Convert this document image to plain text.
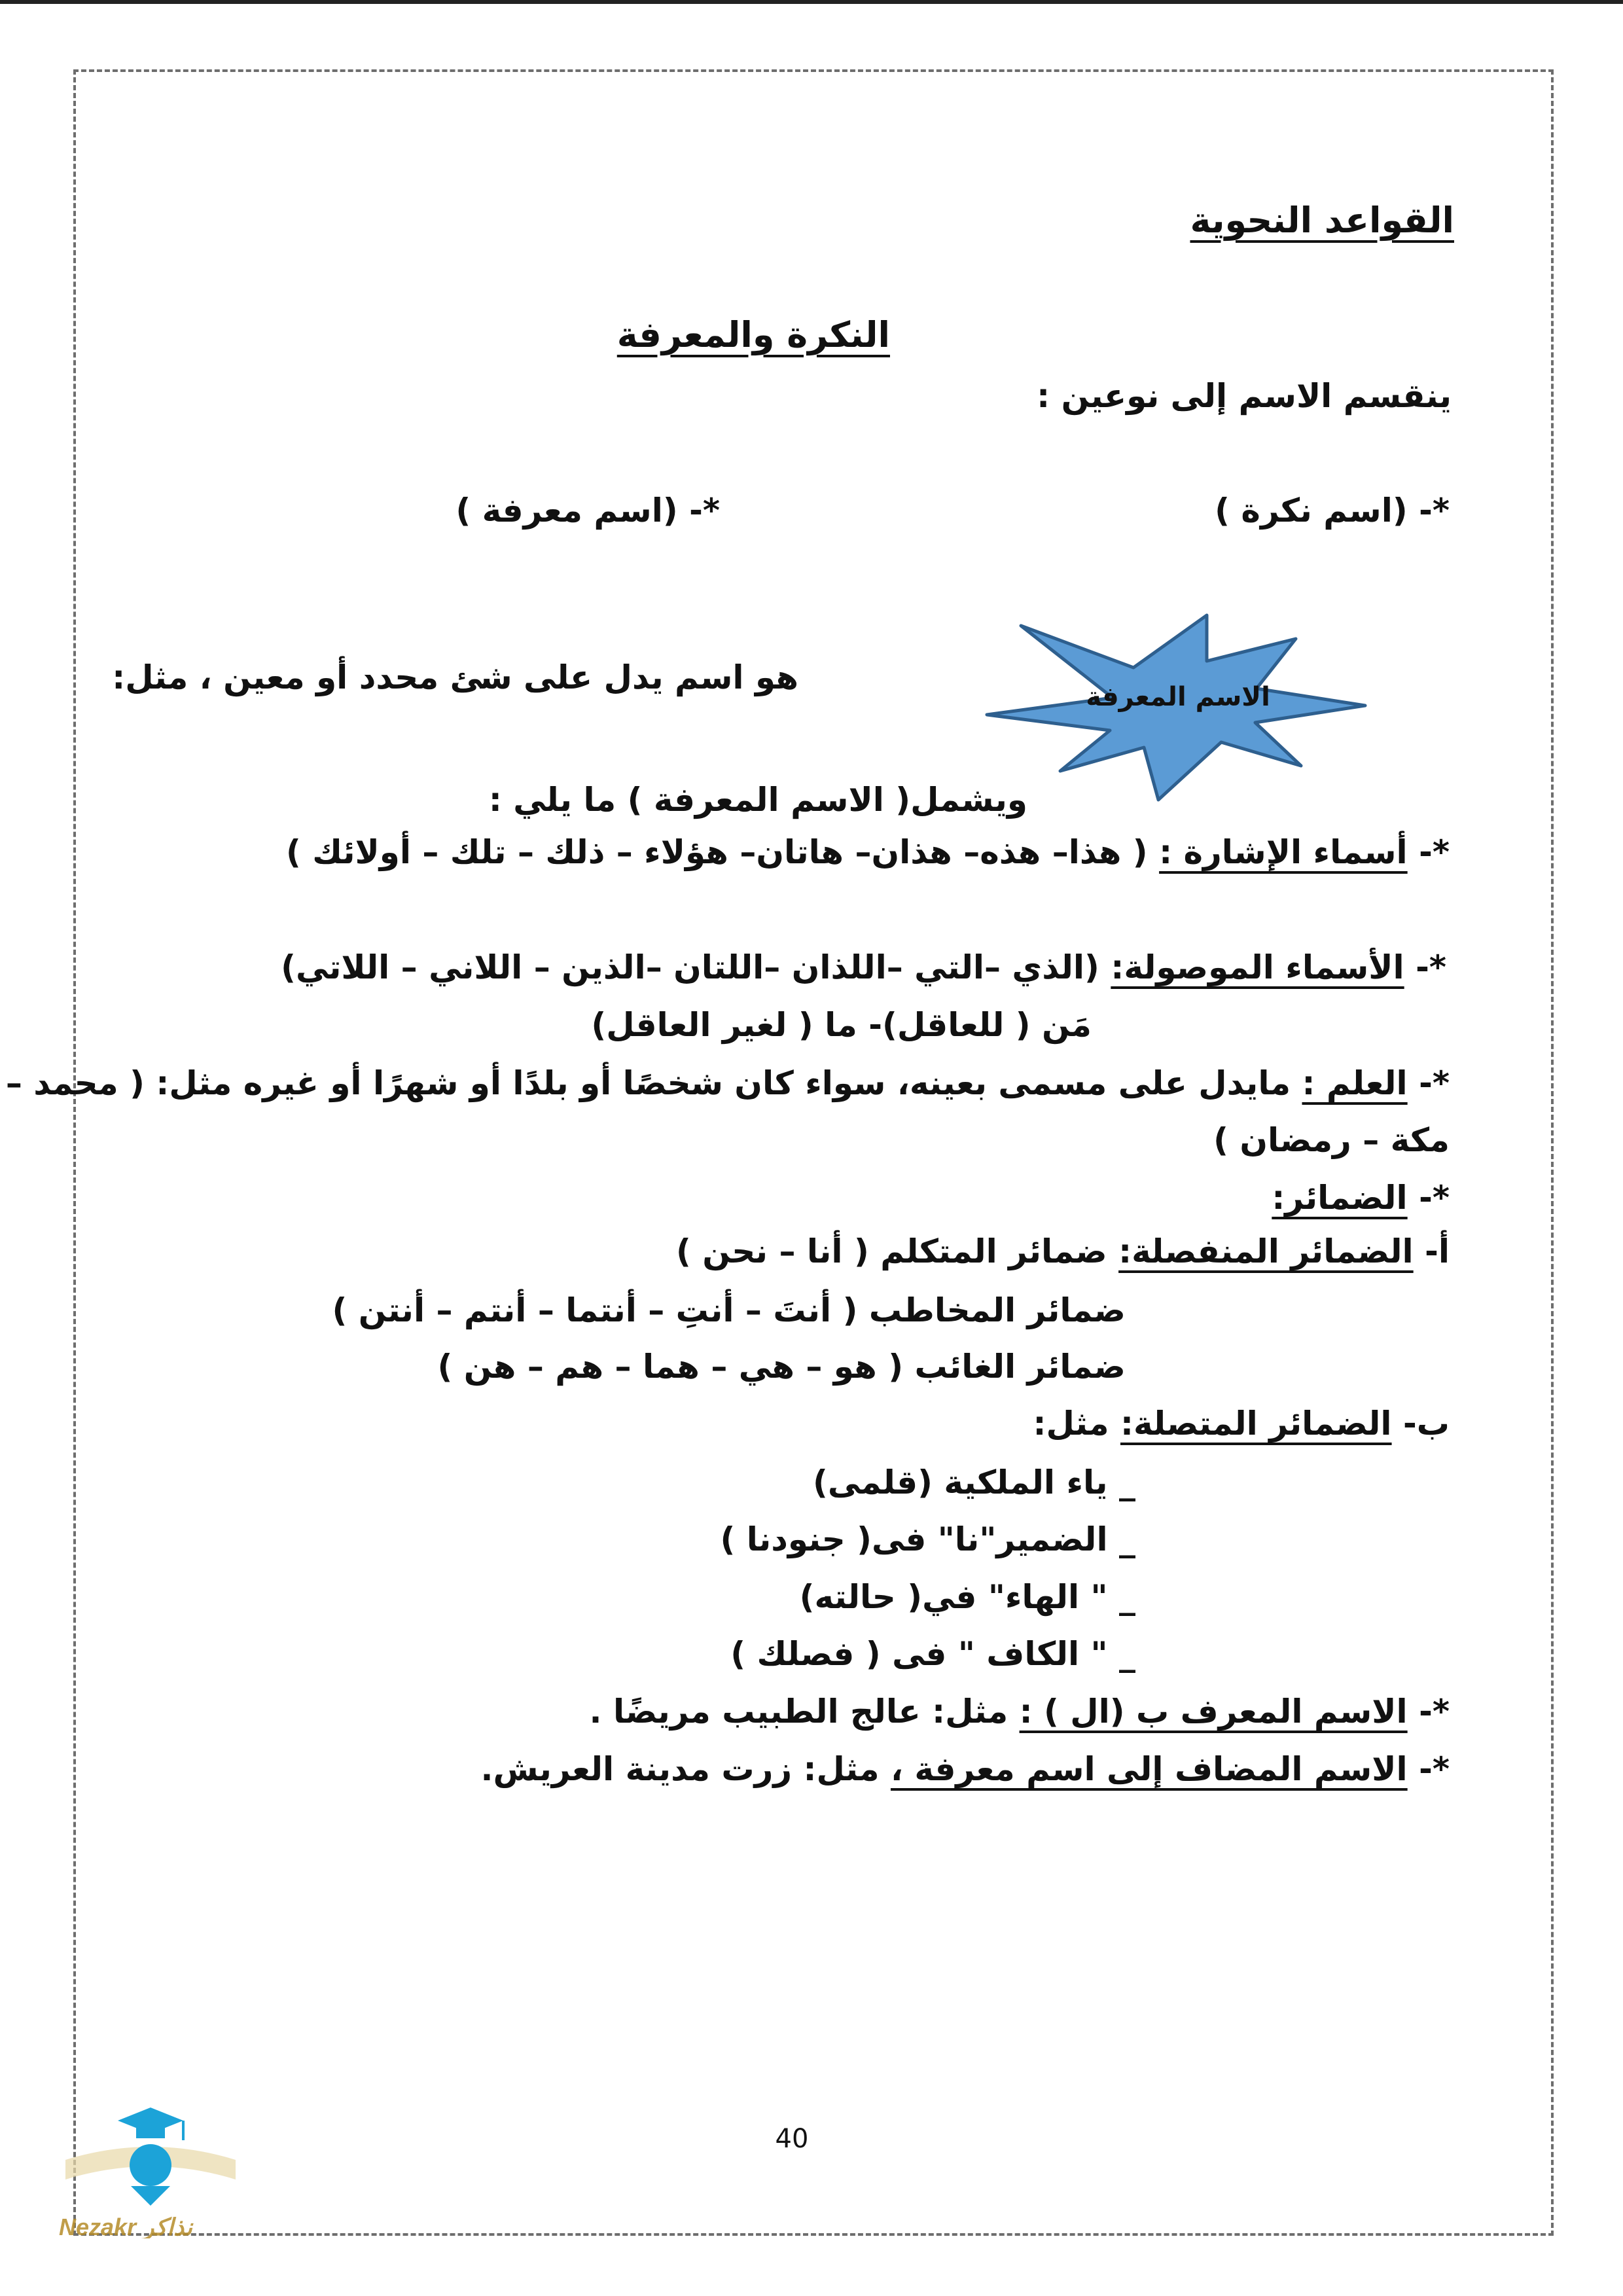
القواعد النحوية
النكرة والمعرفة
ينقسم الاسم إلى نوعين :
*- (اسم نكرة )
*- (اسم معرفة )
الاسم المعرفة
هو اسم يدل على شئ محدد أو معين ، مثل:
ويشمل( الاسم المعرفة ) ما يلي :
*- أسماء الإشارة : ( هذا– هذه– هذان– هاتان– هؤلاء – ذلك – تلك – أولائك )
*- الأسماء الموصولة: (الذي –التي –اللذان –اللتان –الذين – اللاني – اللاتي)
مَن ( للعاقل)- ما ( لغير العاقل)
*- العلم : مايدل على مسمى بعينه، سواء كان شخصًا أو بلدًا أو شهرًا أو غيره مثل: ( محمد –
مكة – رمضان )
*- الضمائر:
أ- الضمائر المنفصلة: ضمائر المتكلم ( أنا – نحن )
ضمائر المخاطب ( أنتَ – أنتِ – أنتما – أنتم – أنتن )
ضمائر الغائب ( هو – هي – هما – هم – هن )
ب- الضمائر المتصلة: مثل:
_ ياء الملكية (قلمى)
_ الضمير"نا" فى( جنودنا )
_ " الهاء" في( حالته)
_ " الكاف " فى ( فصلك )
*- الاسم المعرف ب (ال ) : مثل: عالج الطبيب مريضًا .
*- الاسم المضاف إلى اسم معرفة ، مثل: زرت مدينة العريش.
40
Nezakr نذاكر
